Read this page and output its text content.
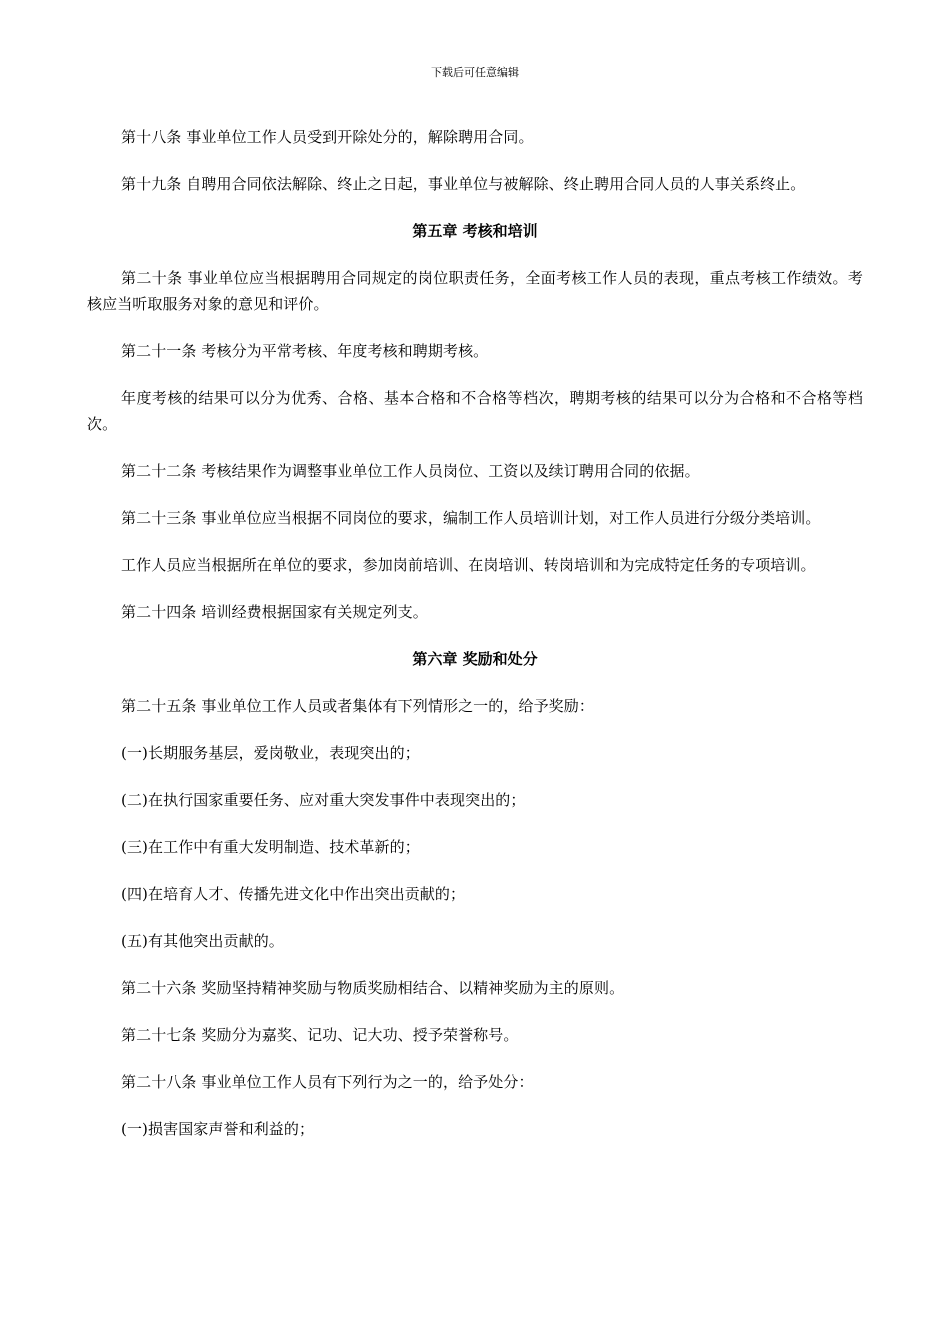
下载后可任意编辑

第十八条 事业单位工作人员受到开除处分的，解除聘用合同。

第十九条 自聘用合同依法解除、终止之日起，事业单位与被解除、终止聘用合同人员的人事关系终止。

第五章 考核和培训

第二十条 事业单位应当根据聘用合同规定的岗位职责任务，全面考核工作人员的表现，重点考核工作绩效。考核应当听取服务对象的意见和评价。

第二十一条 考核分为平常考核、年度考核和聘期考核。

年度考核的结果可以分为优秀、合格、基本合格和不合格等档次，聘期考核的结果可以分为合格和不合格等档次。

第二十二条 考核结果作为调整事业单位工作人员岗位、工资以及续订聘用合同的依据。

第二十三条 事业单位应当根据不同岗位的要求，编制工作人员培训计划，对工作人员进行分级分类培训。

工作人员应当根据所在单位的要求，参加岗前培训、在岗培训、转岗培训和为完成特定任务的专项培训。

第二十四条 培训经费根据国家有关规定列支。

第六章 奖励和处分

第二十五条 事业单位工作人员或者集体有下列情形之一的，给予奖励：

(一)长期服务基层，爱岗敬业，表现突出的；

(二)在执行国家重要任务、应对重大突发事件中表现突出的；

(三)在工作中有重大发明制造、技术革新的；

(四)在培育人才、传播先进文化中作出突出贡献的；

(五)有其他突出贡献的。

第二十六条 奖励坚持精神奖励与物质奖励相结合、以精神奖励为主的原则。

第二十七条 奖励分为嘉奖、记功、记大功、授予荣誉称号。

第二十八条 事业单位工作人员有下列行为之一的，给予处分：

(一)损害国家声誉和利益的；
